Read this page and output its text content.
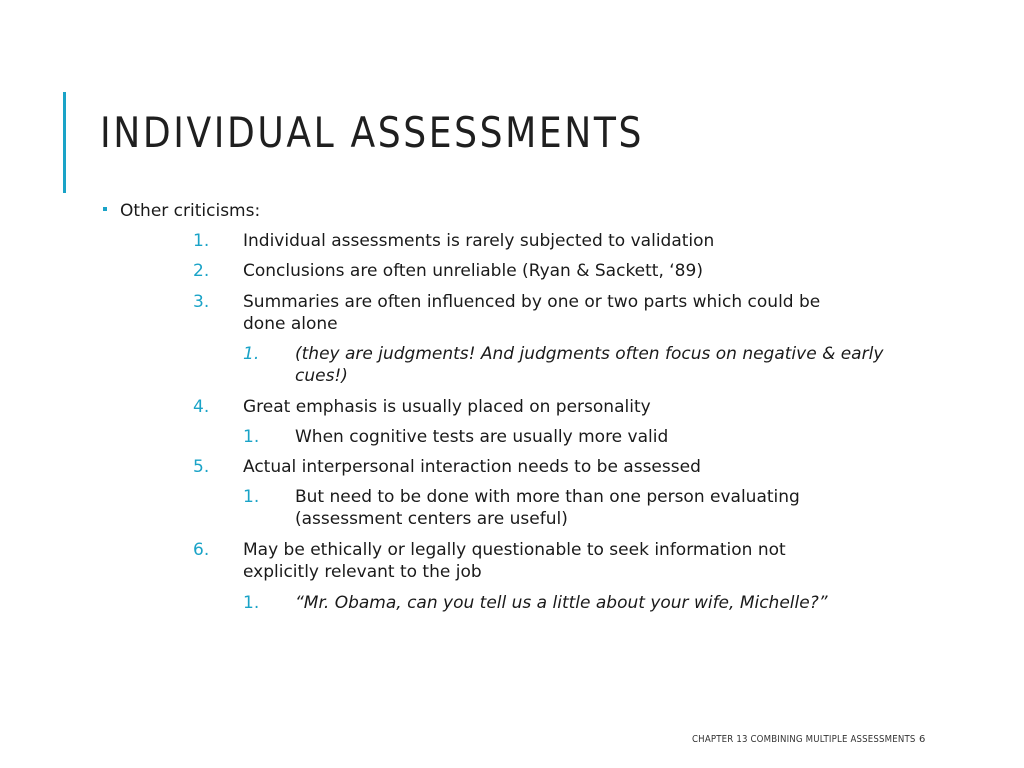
INDIVIDUAL ASSESSMENTS
Other criticisms:
1. Individual assessments is rarely subjected to validation
2. Conclusions are often unreliable (Ryan & Sackett, ‘89)
3. Summaries are often influenced by one or two parts which could be done alone
1. (they are judgments! And judgments often focus on negative & early cues!)
4. Great emphasis is usually placed on personality
1. When cognitive tests are usually more valid
5. Actual interpersonal interaction needs to be assessed
1. But need to be done with more than one person evaluating (assessment centers are useful)
6. May be ethically or legally questionable to seek information not explicitly relevant to the job
1. “Mr. Obama, can you tell us a little about your wife, Michelle?”
CHAPTER 13 COMBINING MULTIPLE ASSESSMENTS 6
